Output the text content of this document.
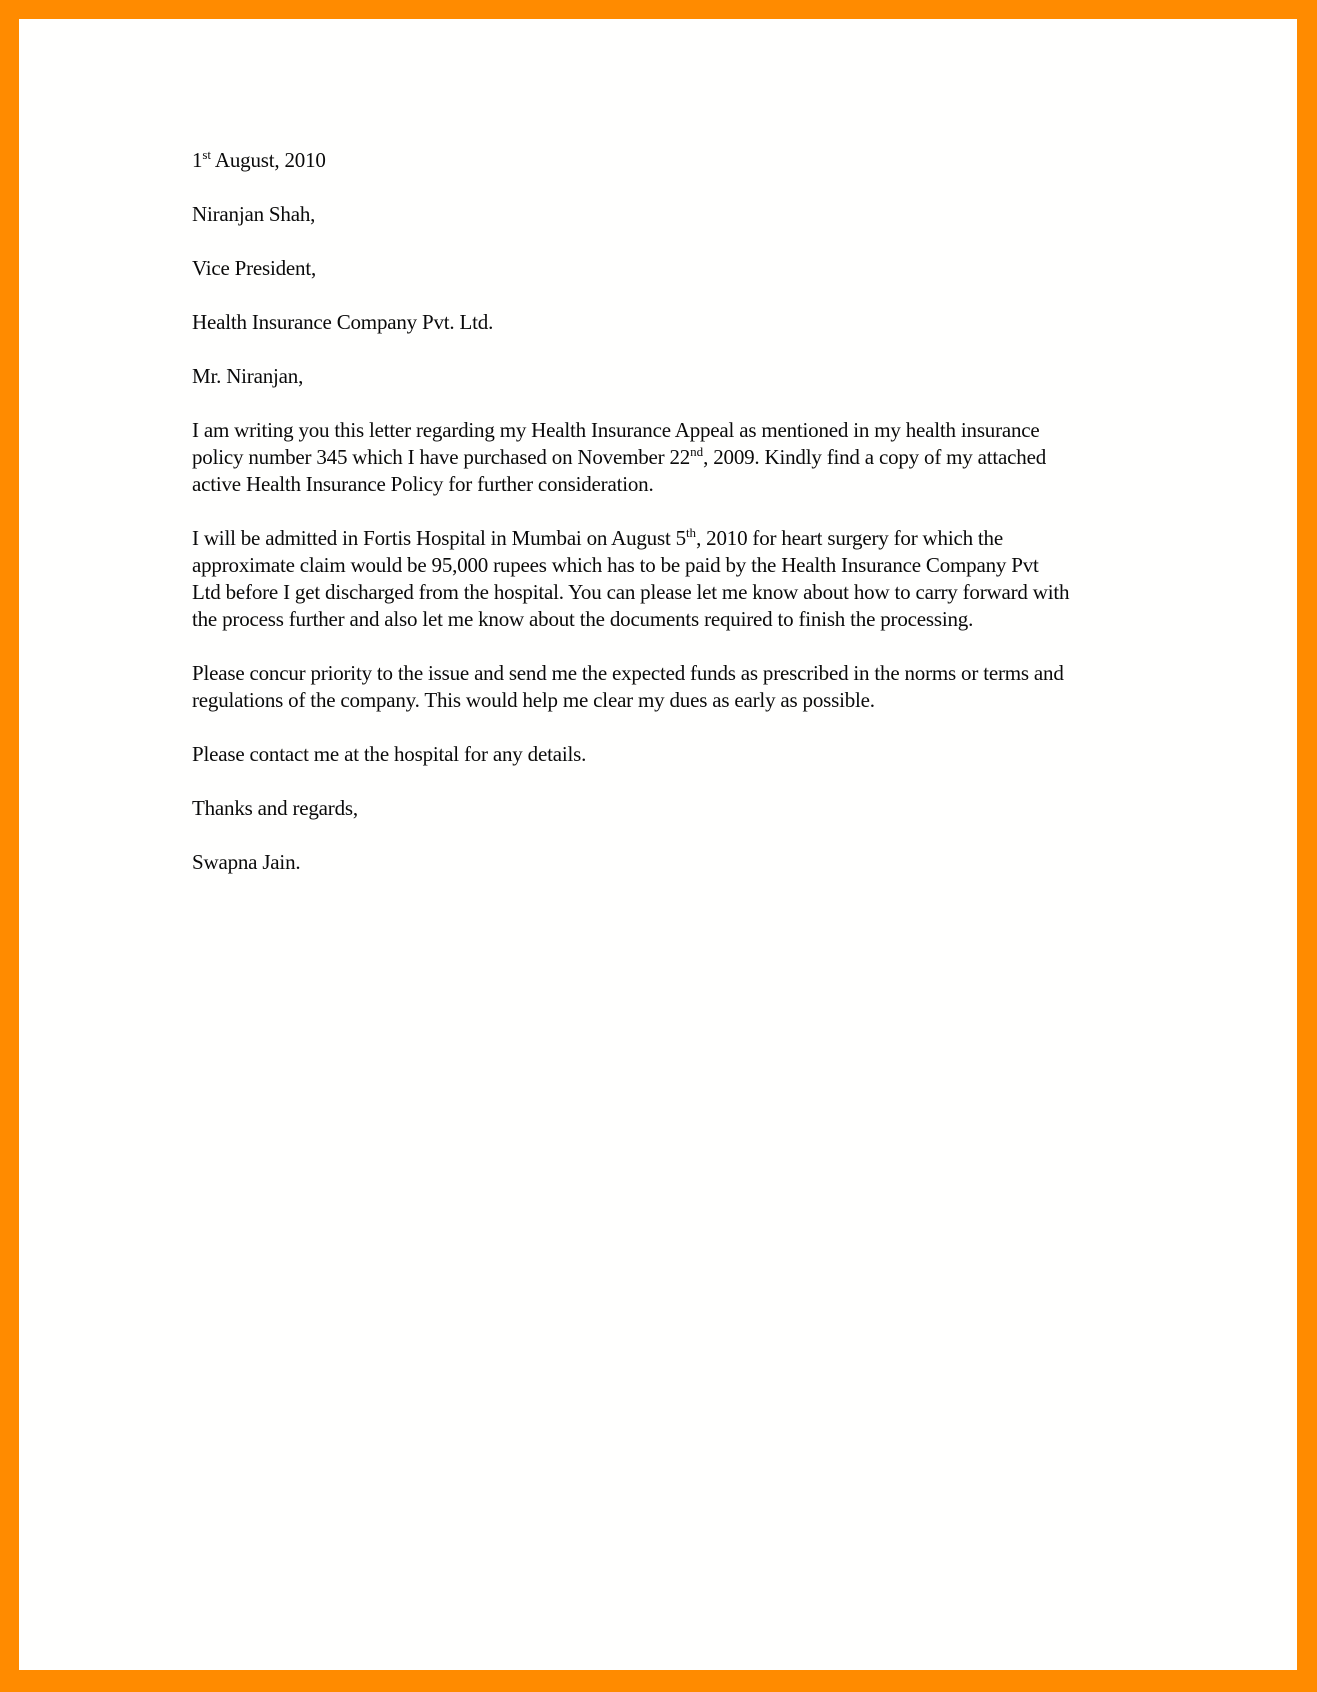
1st August, 2010

Niranjan Shah,

Vice President,

Health Insurance Company Pvt. Ltd.

Mr. Niranjan,

I am writing you this letter regarding my Health Insurance Appeal as mentioned in my health insurance policy number 345 which I have purchased on November 22nd, 2009. Kindly find a copy of my attached active Health Insurance Policy for further consideration.

I will be admitted in Fortis Hospital in Mumbai on August 5th, 2010 for heart surgery for which the approximate claim would be 95,000 rupees which has to be paid by the Health Insurance Company Pvt Ltd before I get discharged from the hospital. You can please let me know about how to carry forward with the process further and also let me know about the documents required to finish the processing.

Please concur priority to the issue and send me the expected funds as prescribed in the norms or terms and regulations of the company. This would help me clear my dues as early as possible.

Please contact me at the hospital for any details.

Thanks and regards,

Swapna Jain.
